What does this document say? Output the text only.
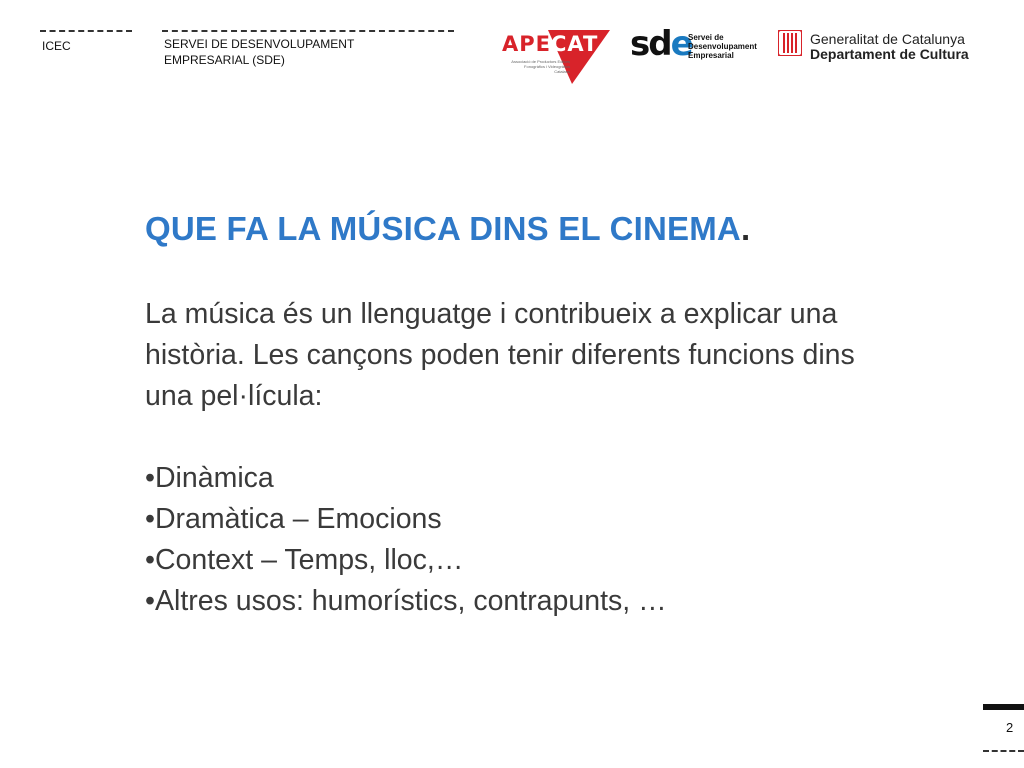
ICEC	SERVEI DE DESENVOLUPAMENT
EMPRESARIAL (SDE)
APECAT
Associació de Productors Editors Fonogràfics i Videogràfics Catalans
sde
Servei de
Desenvolupament
Empresarial
Generalitat de Catalunya
Departament de Cultura
QUE FA LA MÚSICA DINS EL CINEMA.

La música és un llenguatge i contribueix a explicar una història. Les cançons poden tenir diferents funcions dins una pel·lícula:

•Dinàmica
•Dramàtica – Emocions
•Context – Temps, lloc,…
•Altres usos: humorístics, contrapunts, …
2
